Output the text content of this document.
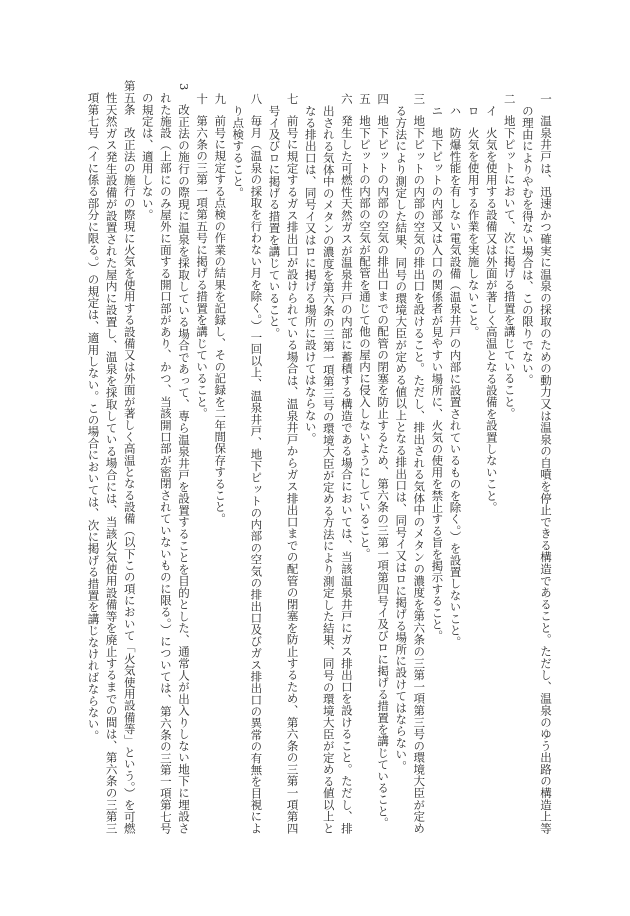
一
温泉井戸は、迅速かつ確実に温泉の採取のための動力又は温泉の自噴を停止できる構造であること。ただし、温泉のゆう出路の構造上等
の理由によりやむを得ない場合は、この限りでない。
二
地下ピットにおいて、次に掲げる措置を講じていること。
イ
火気を使用する設備又は外面が著しく高温となる設備を設置しないこと。
ロ
火気を使用する作業を実施しないこと。
ハ
防爆性能を有しない電気設備（温泉井戸の内部に設置されているものを除く。）を設置しないこと。
ニ
地下ピットの内部又は入口の関係者が見やすい場所に、火気の使用を禁止する旨を掲示すること。
三
地下ピットの内部の空気の排出口を設けること。ただし、排出される気体中のメタンの濃度を第六条の三第一項第三号の環境大臣が定め
る方法により測定した結果、同号の環境大臣が定める値以上となる排出口は、同号イ又はロに掲げる場所に設けてはならない。
四
地下ピットの内部の空気の排出口までの配管の閉塞を防止するため、第六条の三第一項第四号イ及びロに掲げる措置を講じていること。
五
地下ピットの内部の空気が配管を通じて他の屋内に侵入しないようにしていること。
六
発生した可燃性天然ガスが温泉井戸の内部に蓄積する構造である場合においては、当該温泉井戸にガス排出口を設けること。ただし、排
出される気体中のメタンの濃度を第六条の三第一項第三号の環境大臣が定める方法により測定した結果、同号の環境大臣が定める値以上と
なる排出口は、同号イ又はロに掲げる場所に設けてはならない。
七
前号に規定するガス排出口が設けられている場合は、温泉井戸からガス排出口までの配管の閉塞を防止するため、第六条の三第一項第四
号イ及びロに掲げる措置を講じていること。
八
毎月（温泉の採取を行わない月を除く。）一回以上、温泉井戸、地下ピットの内部の空気の排出口及びガス排出口の異常の有無を目視によ
り点検すること。
九
前号に規定する点検の作業の結果を記録し、その記録を二年間保存すること。
十
第六条の三第一項第五号に掲げる措置を講じていること。
3
改正法の施行の際現に温泉を採取している場合であって、専ら温泉井戸を設置することを目的とした、通常人が出入りしない地下に埋設さ
れた施設（上部にのみ屋外に面する開口部があり、かつ、当該開口部が密閉されていないものに限る。）については、第六条の三第一項第七号
の規定は、適用しない。
第五条
改正法の施行の際現に火気を使用する設備又は外面が著しく高温となる設備（以下この項において「火気使用設備等」という。）を可燃
性天然ガス発生設備が設置された屋内に設置し、温泉を採取している場合には、当該火気使用設備等を廃止するまでの間は、第六条の三第三
項第七号（イに係る部分に限る。）の規定は、適用しない。この場合においては、次に掲げる措置を講じなければならない。
